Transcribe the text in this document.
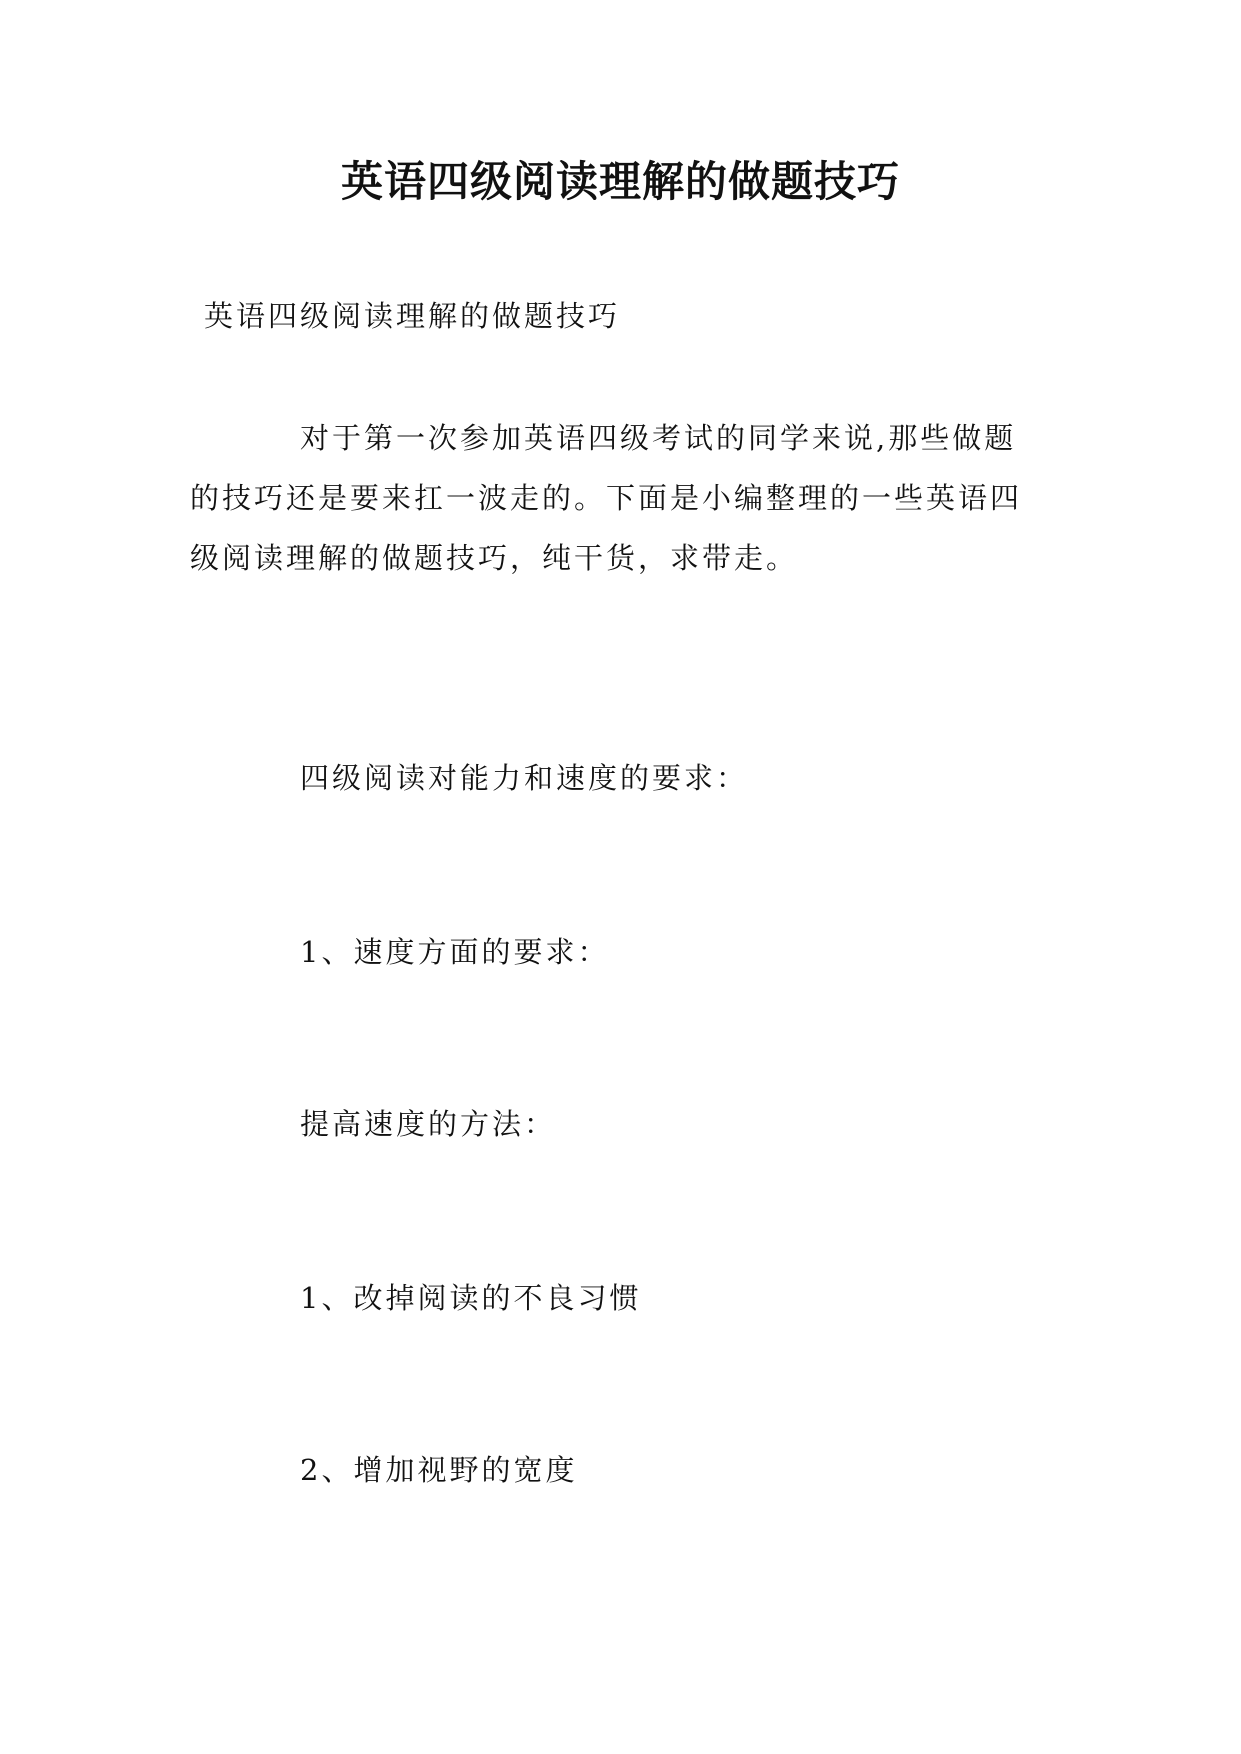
英语四级阅读理解的做题技巧
英语四级阅读理解的做题技巧
对于第一次参加英语四级考试的同学来说,那些做题
的技巧还是要来扛一波走的。下面是小编整理的一些英语四
级阅读理解的做题技巧，纯干货，求带走。
四级阅读对能力和速度的要求：
1、速度方面的要求：
提高速度的方法：
1、改掉阅读的不良习惯
2、增加视野的宽度
